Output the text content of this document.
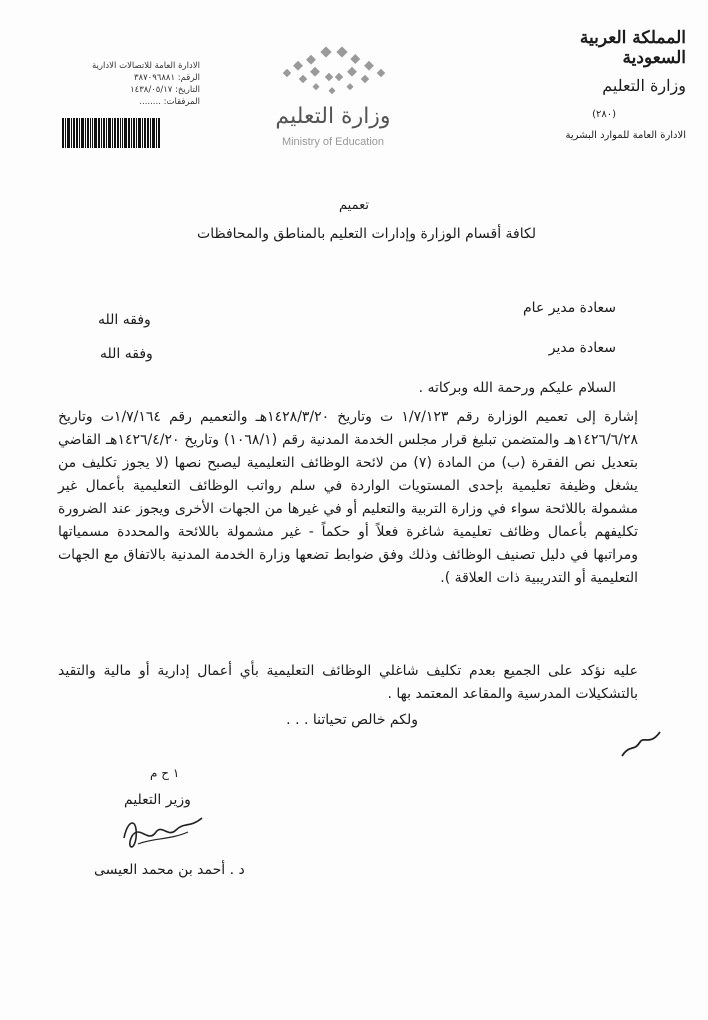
المملكة العربية السعودية
وزارة التعليم
(٢٨٠)
الادارة العامة للموارد البشرية
وزارة التعليم
Ministry of Education
الادارة العامة للاتصالات الادارية
الرقم: ٣٨٧٠٩٦٨٨١
التاريخ: ١٤٣٨/٠٥/١٧
المرفقات: ........
تعميم
لكافة أقسام الوزارة وإدارات التعليم بالمناطق والمحافظات
سعادة مدير عام
وفقه الله
سعادة مدير
وفقه الله
السلام عليكم ورحمة الله وبركاته .
إشارة إلى تعميم الوزارة رقم ١/٧/١٢٣ ت وتاريخ ١٤٢٨/٣/٢٠هـ والتعميم رقم ١/٧/١٦٤ت وتاريخ ١٤٢٦/٦/٢٨هـ والمتضمن تبليغ قرار مجلس الخدمة المدنية رقم (١٠٦٨/١) وتاريخ ١٤٢٦/٤/٢٠هـ القاضي بتعديل نص الفقرة (ب) من المادة (٧) من لائحة الوظائف التعليمية ليصبح نصها (لا يجوز تكليف من يشغل وظيفة تعليمية بإحدى المستويات الواردة في سلم رواتب الوظائف التعليمية بأعمال غير مشمولة باللائحة سواء في وزارة التربية والتعليم أو في غيرها من الجهات الأخرى ويجوز عند الضرورة تكليفهم بأعمال وظائف تعليمية شاغرة فعلاً أو حكماً - غير مشمولة باللائحة والمحددة مسمياتها ومراتبها في دليل تصنيف الوظائف وذلك وفق ضوابط تضعها وزارة الخدمة المدنية بالاتفاق مع الجهات التعليمية أو التدريبية ذات العلاقة ).
عليه نؤكد على الجميع بعدم تكليف شاغلي الوظائف التعليمية بأي أعمال إدارية أو مالية والتقيد بالتشكيلات المدرسية والمقاعد المعتمد بها .
ولكم خالص تحياتنا . . .
١ ح م
وزير التعليم
د . أحمد بن محمد العيسى
